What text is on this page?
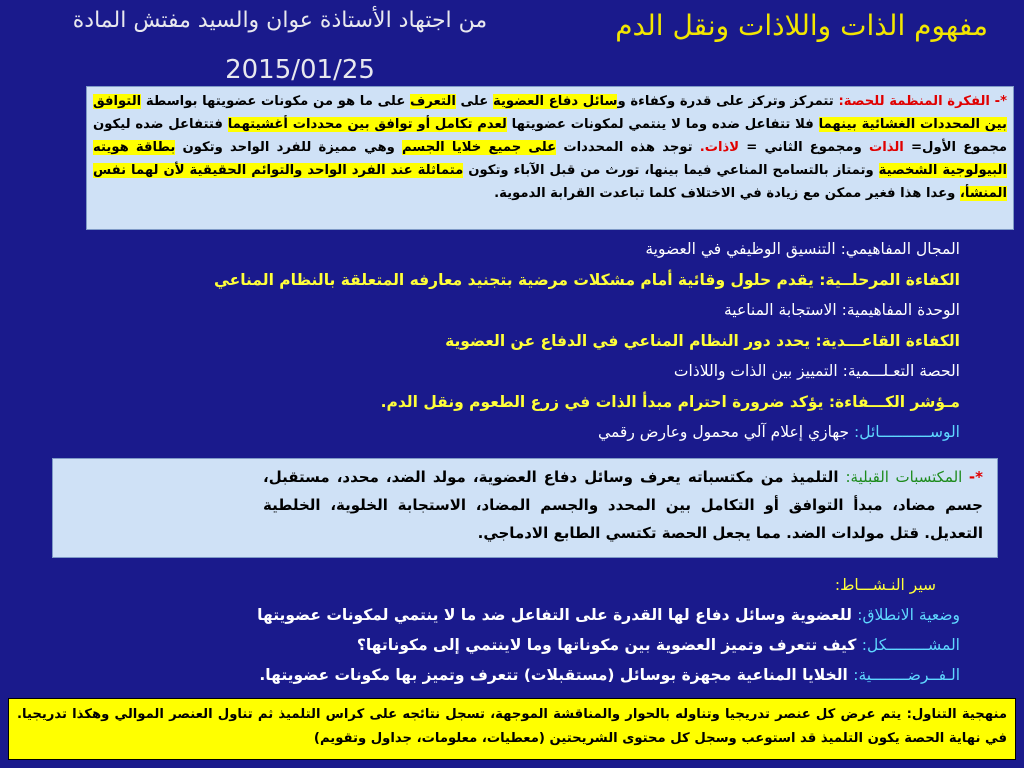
مفهوم الذات واللاذات ونقل الدم
من اجتهاد الأستاذة عوان والسيد مفتش المادة
2015/01/25
*- الفكرة المنظمة للحصة: تتمركز وتركز على قدرة وكفاءة وسائل دفاع العضوية على التعرف على ما هو من مكونات عضويتها بواسطة التوافق بين المحددات الغشائية بينهما فلا تتفاعل ضده وما لا ينتمي لمكونات عضويتها لعدم تكامل أو توافق بين محددات أغشيتهما فتتفاعل ضده ليكون مجموع الأول= الذات ومجموع الثاني = لاذات. توجد هذه المحددات على جميع خلايا الجسم وهي مميزة للفرد الواحد وتكون بطاقة هويته البيولوجية الشخصية وتمتاز بالتسامح المناعي فيما بينها، تورث من قبل الآباء وتكون متماثلة عند الفرد الواحد والتوائم الحقيقية لأن لهما نفس المنشأ، وعدا هذا فغير ممكن مع زيادة في الاختلاف كلما تباعدت القرابة الدموية.
المجال المفاهيمي: التنسيق الوظيفي في العضوية
الكفاءة المرحلــية: يقدم حلول وقائية أمام مشكلات مرضية بتجنيد معارفه المتعلقة بالنظام المناعي
الوحدة المفاهيمية: الاستجابة المناعية
الكفاءة القاعـــدية: يحدد دور النظام المناعي في الدفاع عن العضوية
الحصة التعـلـــمية: التمييز بين الذات واللاذات
مـؤشر الكـــفاءة: يؤكد ضرورة احترام مبدأ الذات في زرع الطعوم ونقل الدم.
الوســـــــــــائل: جهازي إعلام آلي محمول وعارض رقمي
*- المكتسبات القبلية: التلميذ من مكتسباته يعرف وسائل دفاع العضوية، مولد الضد، محدد، مستقبل، جسم مضاد، مبدأ التوافق أو التكامل بين المحدد والجسم المضاد، الاستجابة الخلوية، الخلطية التعديل. قتل مولدات الضد. مما يجعل الحصة تكتسي الطابع الادماجي.
سير النـشـــاط:
وضعية الانطلاق: للعضوية وسائل دفاع لها القدرة على التفاعل ضد ما لا ينتمي لمكونات عضويتها
المشـــــــــكل: كيف تتعرف وتميز العضوية بين مكوناتها وما لاينتمي إلى مكوناتها؟
الـفــرضــــــــية: الخلايا المناعية مجهزة بوسائل (مستقبلات) تتعرف وتميز بها مكونات عضويتها.
منهجية التناول: يتم عرض كل عنصر تدريجيا وتناوله بالحوار والمناقشة الموجهة، تسجل نتائجه على كراس التلميذ ثم تناول العنصر الموالي وهكذا تدريجيا. في نهاية الحصة يكون التلميذ قد استوعب وسجل كل محتوى الشريحتين (معطيات، معلومات، جداول وتقويم)
